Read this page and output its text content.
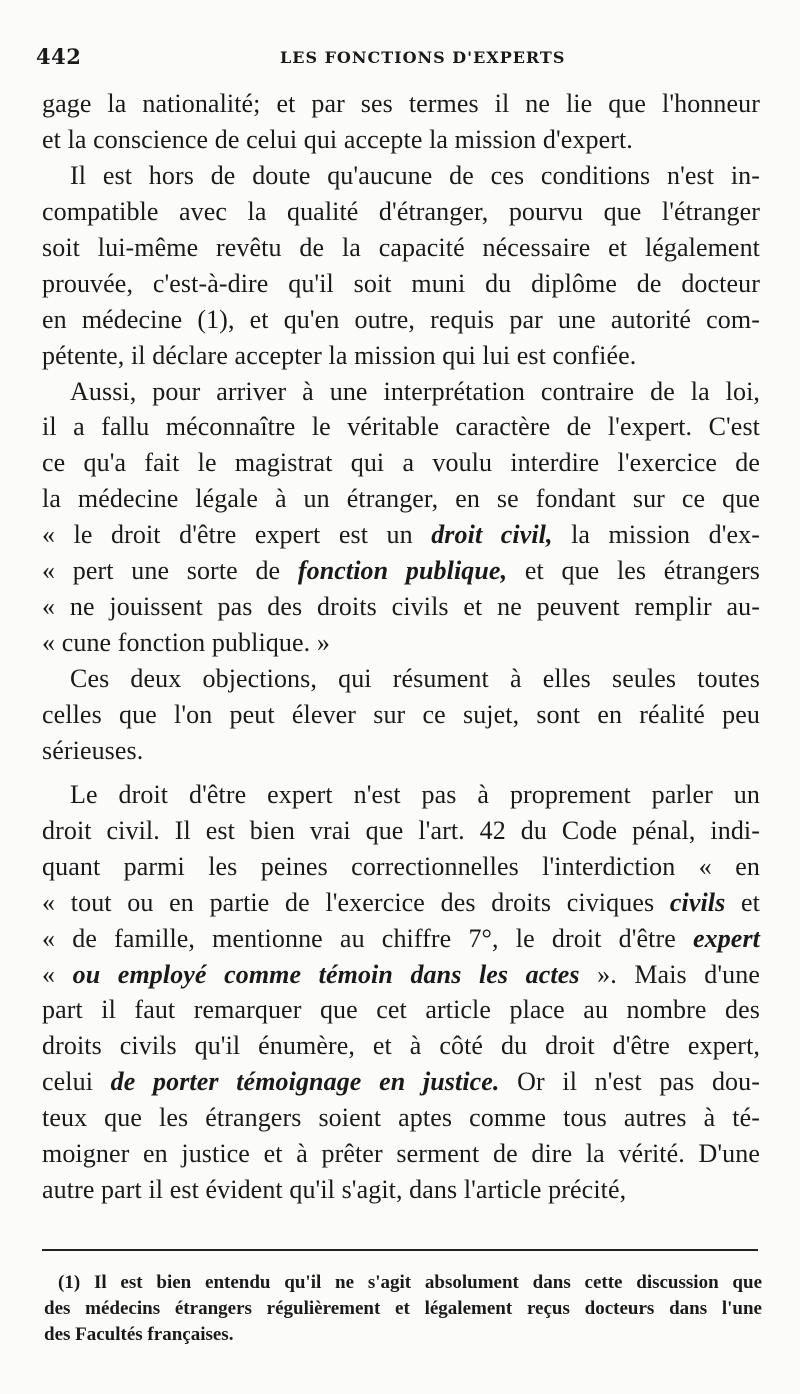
442	LES FONCTIONS D'EXPERTS
gage la nationalité; et par ses termes il ne lie que l'honneur
et la conscience de celui qui accepte la mission d'expert.
Il est hors de doute qu'aucune de ces conditions n'est in-
compatible avec la qualité d'étranger, pourvu que l'étranger
soit lui-même revêtu de la capacité nécessaire et légalement
prouvée, c'est-à-dire qu'il soit muni du diplôme de docteur
en médecine (1), et qu'en outre, requis par une autorité com-
pétente, il déclare accepter la mission qui lui est confiée.
Aussi, pour arriver à une interprétation contraire de la loi,
il a fallu méconnaître le véritable caractère de l'expert. C'est
ce qu'a fait le magistrat qui a voulu interdire l'exercice de
la médecine légale à un étranger, en se fondant sur ce que
« le droit d'être expert est un droit civil, la mission d'ex-
« pert une sorte de fonction publique, et que les étrangers
« ne jouissent pas des droits civils et ne peuvent remplir au-
« cune fonction publique. »
Ces deux objections, qui résument à elles seules toutes
celles que l'on peut élever sur ce sujet, sont en réalité peu
sérieuses.
Le droit d'être expert n'est pas à proprement parler un
droit civil. Il est bien vrai que l'art. 42 du Code pénal, indi-
quant parmi les peines correctionnelles l'interdiction « en
« tout ou en partie de l'exercice des droits civiques civils et
« de famille, mentionne au chiffre 7°, le droit d'être expert
« ou employé comme témoin dans les actes ». Mais d'une
part il faut remarquer que cet article place au nombre des
droits civils qu'il énumère, et à côté du droit d'être expert,
celui de porter témoignage en justice. Or il n'est pas dou-
teux que les étrangers soient aptes comme tous autres à té-
moigner en justice et à prêter serment de dire la vérité. D'une
autre part il est évident qu'il s'agit, dans l'article précité,
(1) Il est bien entendu qu'il ne s'agit absolument dans cette discussion que
des médecins étrangers régulièrement et légalement reçus docteurs dans l'une
des Facultés françaises.
